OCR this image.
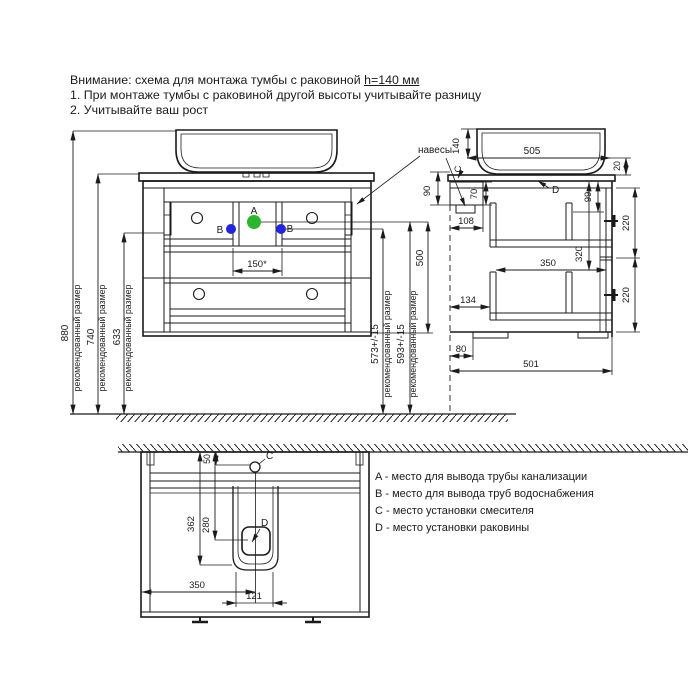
Внимание: схема для монтажа тумбы с раковиной h=140 мм
1. При монтаже тумбы с раковиной другой высоты учитывайте разницу
2. Учитывайте ваш рост
A
B	B
150*
880 рекомендованный размер 740 рекомендованный размер 633 рекомендованный размер	573+/-15 рекомендованный размер 593+/-15 рекомендованный размер
500
навесы
140	505
20
C
D
90	70
108
99
220
220
350
320
134
80
501
C
D
50
362 280
350
121
A - место для вывода трубы канализации
B - место для вывода труб водоснабжения
C - место установки смесителя
D - место установки раковины
